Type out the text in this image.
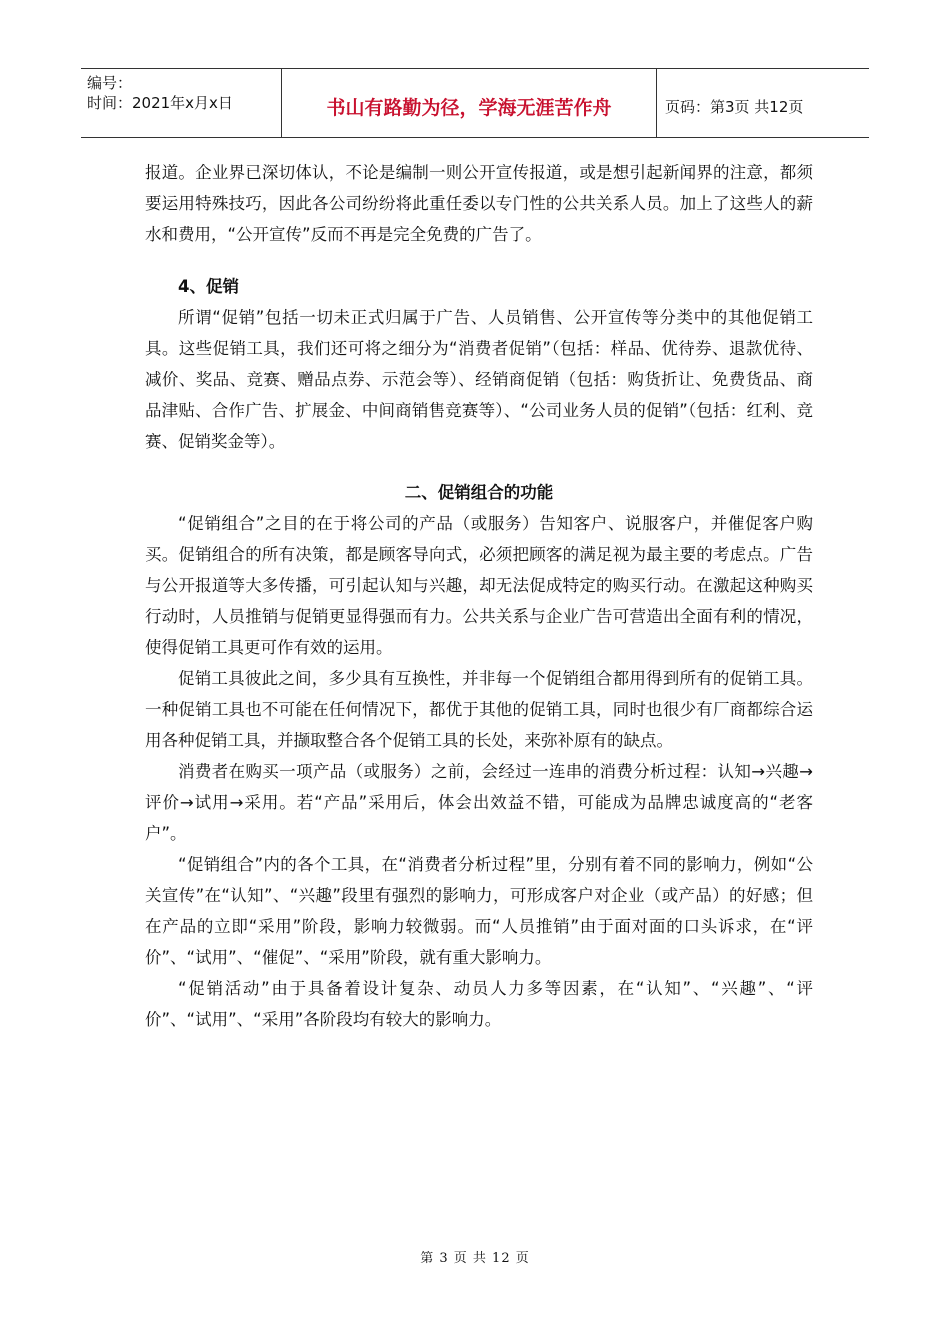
编号：
时间：2021年x月x日	书山有路勤为径，学海无涯苦作舟	页码：第3页 共12页

报道。企业界已深切体认，不论是编制一则公开宣传报道，或是想引起新闻界的注意，都须要运用特殊技巧，因此各公司纷纷将此重任委以专门性的公共关系人员。加上了这些人的薪水和费用，“公开宣传”反而不再是完全免费的广告了。

4、促销

所谓“促销”包括一切未正式归属于广告、人员销售、公开宣传等分类中的其他促销工具。这些促销工具，我们还可将之细分为“消费者促销”（包括：样品、优待券、退款优待、减价、奖品、竞赛、赠品点券、示范会等）、经销商促销（包括：购货折让、免费货品、商品津贴、合作广告、扩展金、中间商销售竞赛等）、“公司业务人员的促销”（包括：红利、竞赛、促销奖金等）。

二、促销组合的功能

“促销组合”之目的在于将公司的产品（或服务）告知客户、说服客户，并催促客户购买。促销组合的所有决策，都是顾客导向式，必须把顾客的满足视为最主要的考虑点。广告与公开报道等大多传播，可引起认知与兴趣，却无法促成特定的购买行动。在激起这种购买行动时，人员推销与促销更显得强而有力。公共关系与企业广告可营造出全面有利的情况，使得促销工具更可作有效的运用。

促销工具彼此之间，多少具有互换性，并非每一个促销组合都用得到所有的促销工具。一种促销工具也不可能在任何情况下，都优于其他的促销工具，同时也很少有厂商都综合运用各种促销工具，并撷取整合各个促销工具的长处，来弥补原有的缺点。

消费者在购买一项产品（或服务）之前，会经过一连串的消费分析过程：认知→兴趣→评价→试用→采用。若“产品”采用后，体会出效益不错，可能成为品牌忠诚度高的“老客户”。

“促销组合”内的各个工具，在“消费者分析过程”里，分别有着不同的影响力，例如“公关宣传”在“认知”、“兴趣”段里有强烈的影响力，可形成客户对企业（或产品）的好感；但在产品的立即“采用”阶段，影响力较微弱。而“人员推销”由于面对面的口头诉求，在“评价”、“试用”、“催促”、“采用”阶段，就有重大影响力。

“促销活动”由于具备着设计复杂、动员人力多等因素，在“认知”、“兴趣”、“评价”、“试用”、“采用”各阶段均有较大的影响力。

第 3 页 共 12 页
